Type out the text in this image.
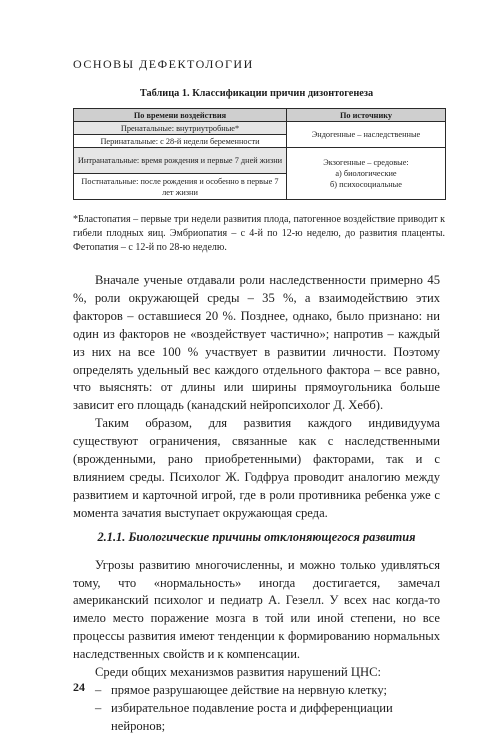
ОСНОВЫ ДЕФЕКТОЛОГИИ
Таблица 1. Классификации причин дизонтогенеза
По времени воздействия	По источнику
Пренатальные: внутриутробные*	Эндогенные – наследственные
Перинатальные: с 28-й недели беременности	
Интранатальные: время рождения и первые 7 дней жизни	Экзогенные – средовые:
а) биологические
б) психосоциальные

Постнатальные: после рождения и особенно в первые 7 лет жизни	
*Бластопатия – первые три недели развития плода, патогенное воздействие приводит к гибели плодных яиц. Эмбриопатия – с 4-й по 12-ю неделю, до развития плаценты. Фетопатия – с 12-й по 28-ю неделю.

Вначале ученые отдавали роли наследственности примерно 45 %, роли окружающей среды – 35 %, а взаимодействию этих факторов – оставшиеся 20 %. Позднее, однако, было признано: ни один из факторов не «воздействует частично»; напротив – каждый из них на все 100 % участвует в развитии личности. Поэтому определять удельный вес каждого отдельного фактора – все равно, что выяснять: от длины или ширины прямоугольника больше зависит его площадь (канадский нейропсихолог Д. Хебб).

Таким образом, для развития каждого индивидуума существуют ограничения, связанные как с наследственными (врожденными, рано приобретенными) факторами, так и с влиянием среды. Психолог Ж. Годфруа проводит аналогию между развитием и карточной игрой, где в роли противника ребенка уже с момента зачатия выступает окружающая среда.

2.1.1. Биологические причины отклоняющегося развития

Угрозы развитию многочисленны, и можно только удивляться тому, что «нормальность» иногда достигается, замечал американский психолог и педиатр А. Гезелл. У всех нас когда-то имело место поражение мозга в той или иной степени, но все процессы развития имеют тенденции к формированию нормальных наследственных свойств и к компенсации.

Среди общих механизмов развития нарушений ЦНС:

– прямое разрушающее действие на нервную клетку;
– избирательное подавление роста и дифференциации нейронов;
24
